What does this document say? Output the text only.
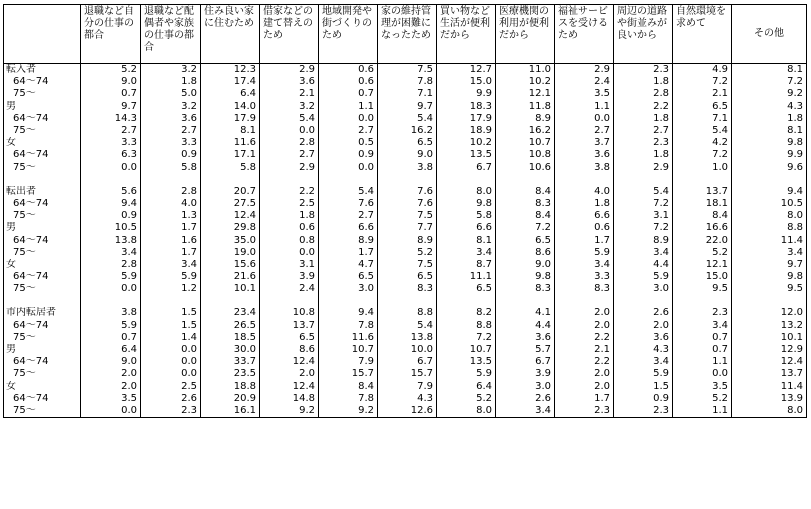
	退職など自分の仕事の都合	退職など配偶者や家族の仕事の都合	住み良い家に住むため	借家などの建て替えのため	地域開発や街づくりのため	家の維持管理が困難になったため	買い物など生活が便利だから	医療機関の利用が便利だから	福祉サービスを受けるため	周辺の道路や街並みが良いから	自然環境を求めて	その他
転入者	5.2	3.2	12.3	2.9	0.6	7.5	12.7	11.0	2.9	2.3	4.9	8.1
64〜74	9.0	1.8	17.4	3.6	0.6	7.8	15.0	10.2	2.4	1.8	7.2	7.2
75〜	0.7	5.0	6.4	2.1	0.7	7.1	9.9	12.1	3.5	2.8	2.1	9.2
男	9.7	3.2	14.0	3.2	1.1	9.7	18.3	11.8	1.1	2.2	6.5	4.3
64〜74	14.3	3.6	17.9	5.4	0.0	5.4	17.9	8.9	0.0	1.8	7.1	1.8
75〜	2.7	2.7	8.1	0.0	2.7	16.2	18.9	16.2	2.7	2.7	5.4	8.1
女	3.3	3.3	11.6	2.8	0.5	6.5	10.2	10.7	3.7	2.3	4.2	9.8
64〜74	6.3	0.9	17.1	2.7	0.9	9.0	13.5	10.8	3.6	1.8	7.2	9.9
75〜	0.0	5.8	5.8	2.9	0.0	3.8	6.7	10.6	3.8	2.9	1.0	9.6

転出者	5.6	2.8	20.7	2.2	5.4	7.6	8.0	8.4	4.0	5.4	13.7	9.4
64〜74	9.4	4.0	27.5	2.5	7.6	7.6	9.8	8.3	1.8	7.2	18.1	10.5
75〜	0.9	1.3	12.4	1.8	2.7	7.5	5.8	8.4	6.6	3.1	8.4	8.0
男	10.5	1.7	29.8	0.6	6.6	7.7	6.6	7.2	0.6	7.2	16.6	8.8
64〜74	13.8	1.6	35.0	0.8	8.9	8.9	8.1	6.5	1.7	8.9	22.0	11.4
75〜	3.4	1.7	19.0	0.0	1.7	5.2	3.4	8.6	5.9	3.4	5.2	3.4
女	2.8	3.4	15.6	3.1	4.7	7.5	8.7	9.0	3.4	4.4	12.1	9.7
64〜74	5.9	5.9	21.6	3.9	6.5	6.5	11.1	9.8	3.3	5.9	15.0	9.8
75〜	0.0	1.2	10.1	2.4	3.0	8.3	6.5	8.3	8.3	3.0	9.5	9.5

市内転居者	3.8	1.5	23.4	10.8	9.4	8.8	8.2	4.1	2.0	2.6	2.3	12.0
64〜74	5.9	1.5	26.5	13.7	7.8	5.4	8.8	4.4	2.0	2.0	3.4	13.2
75〜	0.7	1.4	18.5	6.5	11.6	13.8	7.2	3.6	2.2	3.6	0.7	10.1
男	6.4	0.0	30.0	8.6	10.7	10.0	10.7	5.7	2.1	4.3	0.7	12.9
64〜74	9.0	0.0	33.7	12.4	7.9	6.7	13.5	6.7	2.2	3.4	1.1	12.4
75〜	2.0	0.0	23.5	2.0	15.7	15.7	5.9	3.9	2.0	5.9	0.0	13.7
女	2.0	2.5	18.8	12.4	8.4	7.9	6.4	3.0	2.0	1.5	3.5	11.4
64〜74	3.5	2.6	20.9	14.8	7.8	4.3	5.2	2.6	1.7	0.9	5.2	13.9
75〜	0.0	2.3	16.1	9.2	9.2	12.6	8.0	3.4	2.3	2.3	1.1	8.0
